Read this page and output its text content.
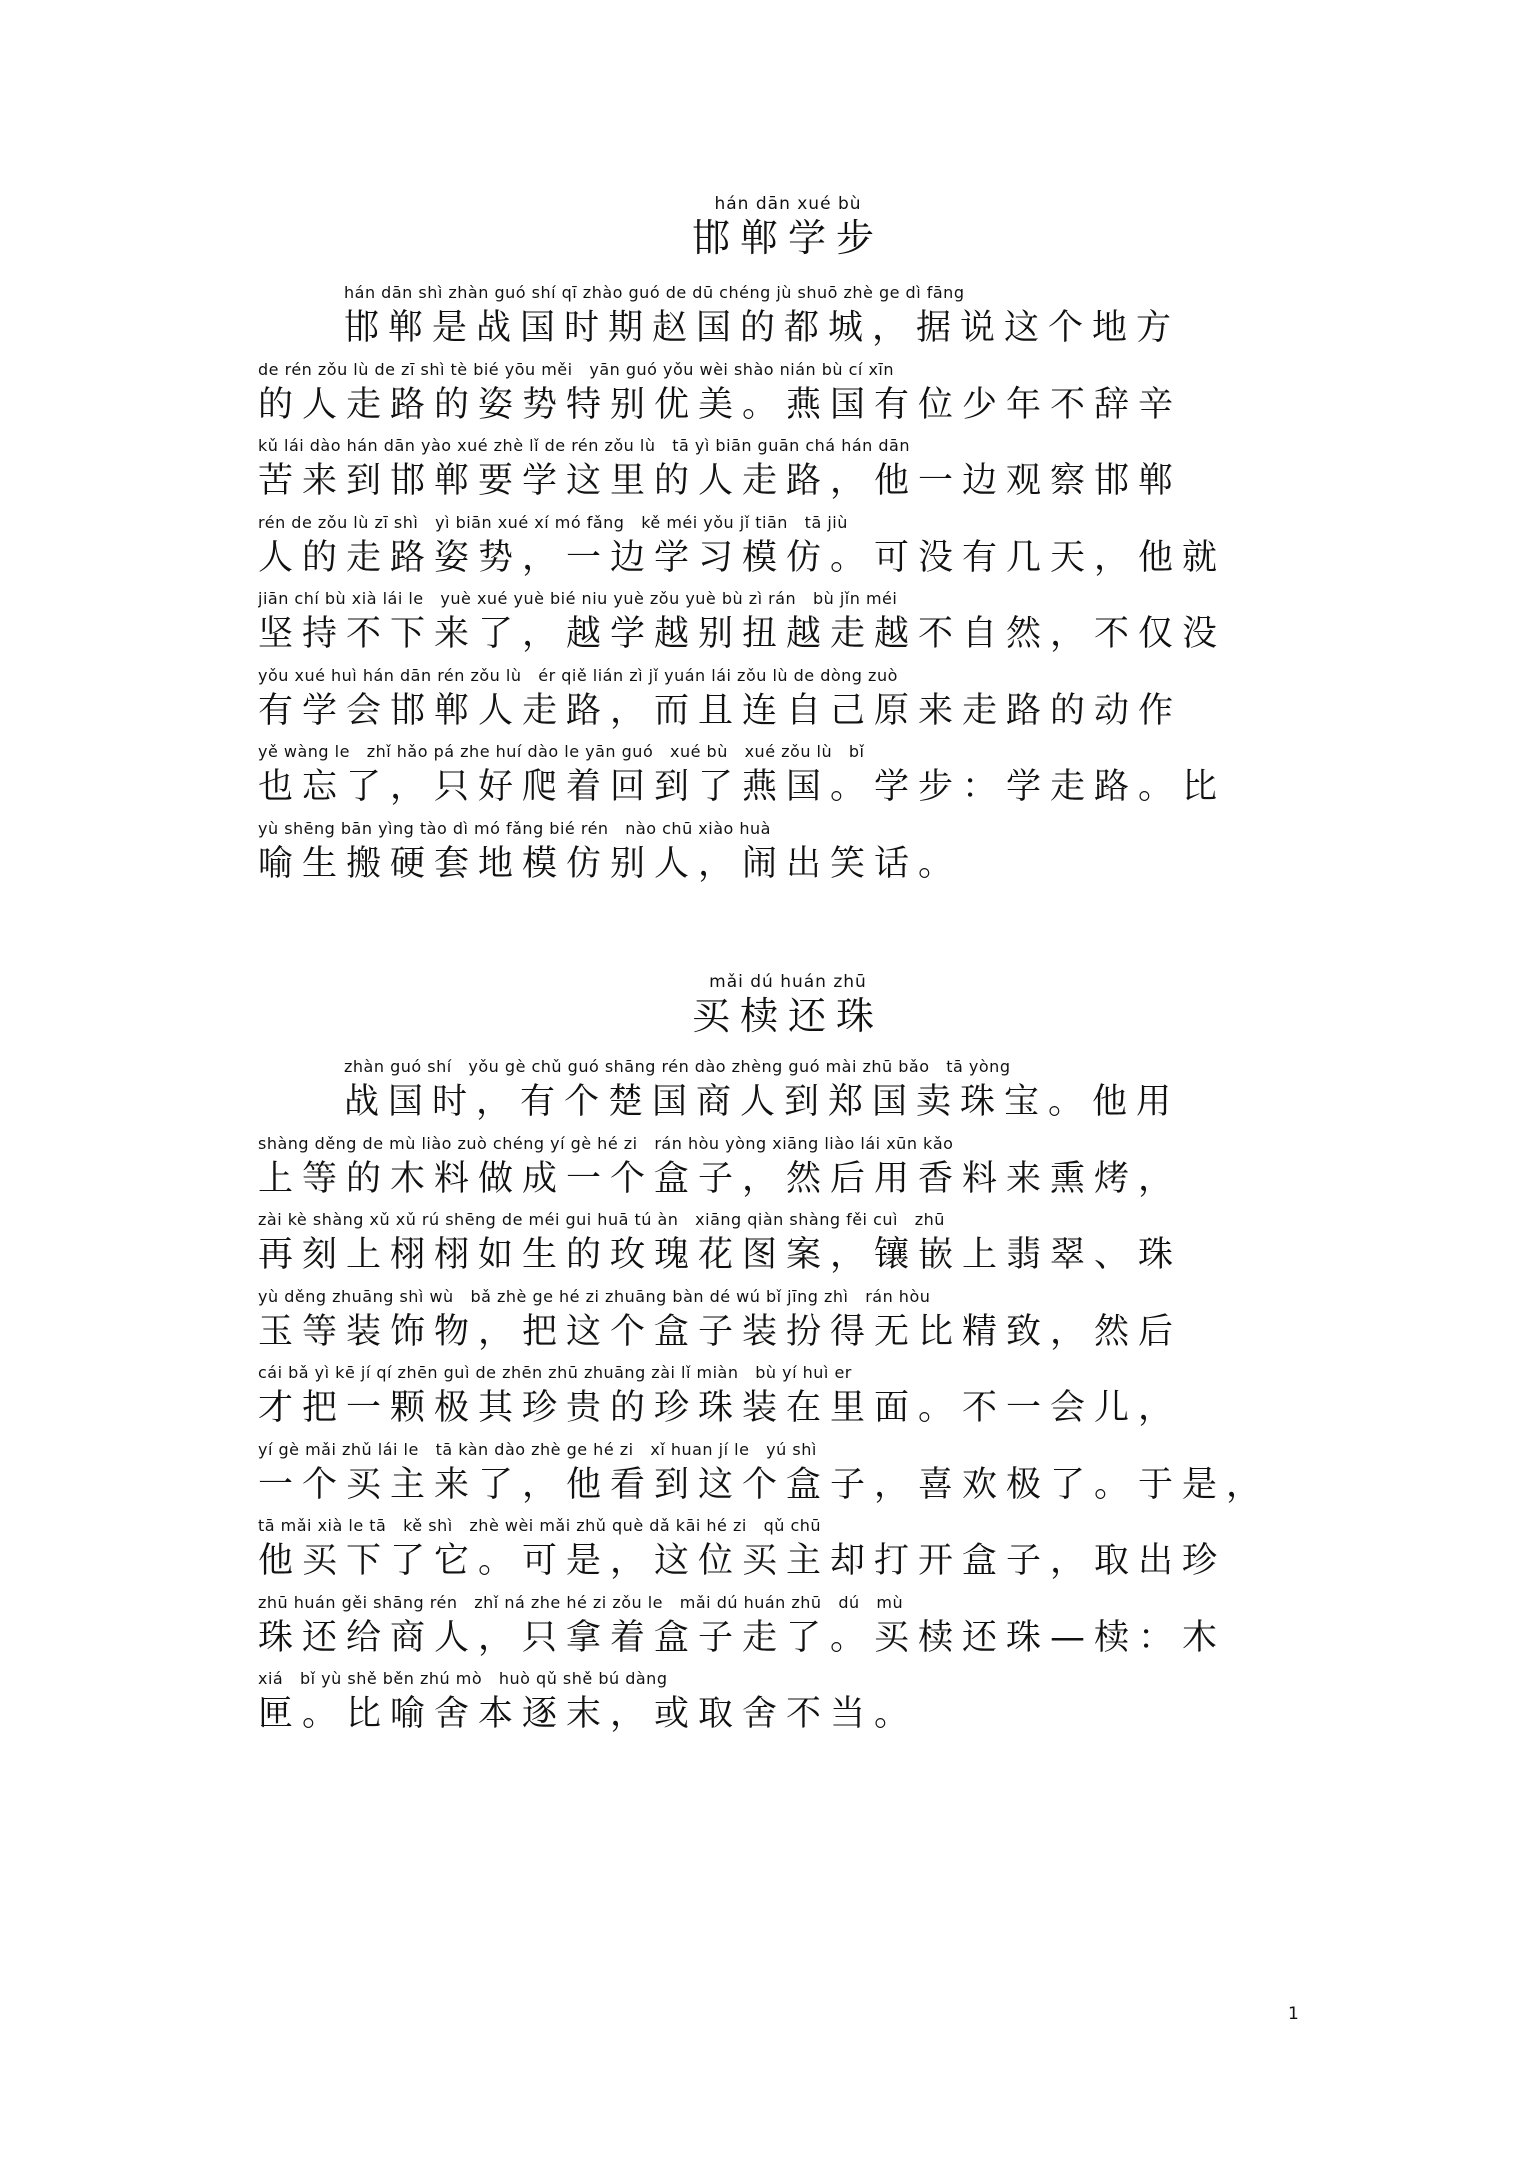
hán dān xué bù
邯郸学步
hán dān shì zhàn guó shí qī zhào guó de dū chéng jù shuō zhè ge dì fāng
邯郸是战国时期赵国的都城，据说这个地方
de rén zǒu lù de zī shì tè bié yōu měi   yān guó yǒu wèi shào nián bù cí xīn
的人走路的姿势特别优美。燕国有位少年不辞辛
kǔ lái dào hán dān yào xué zhè lǐ de rén zǒu lù   tā yì biān guān chá hán dān
苦来到邯郸要学这里的人走路，他一边观察邯郸
rén de zǒu lù zī shì   yì biān xué xí mó fǎng   kě méi yǒu jǐ tiān   tā jiù
人的走路姿势，一边学习模仿。可没有几天，他就
jiān chí bù xià lái le   yuè xué yuè bié niu yuè zǒu yuè bù zì rán   bù jǐn méi
坚持不下来了，越学越别扭越走越不自然，不仅没
yǒu xué huì hán dān rén zǒu lù   ér qiě lián zì jǐ yuán lái zǒu lù de dòng zuò
有学会邯郸人走路，而且连自己原来走路的动作
yě wàng le   zhǐ hǎo pá zhe huí dào le yān guó   xué bù   xué zǒu lù   bǐ
也忘了，只好爬着回到了燕国。学步：学走路。比
yù shēng bān yìng tào dì mó fǎng bié rén   nào chū xiào huà
喻生搬硬套地模仿别人，闹出笑话。
mǎi dú huán zhū
买椟还珠
zhàn guó shí   yǒu gè chǔ guó shāng rén dào zhèng guó mài zhū bǎo   tā yòng
战国时，有个楚国商人到郑国卖珠宝。他用
shàng děng de mù liào zuò chéng yí gè hé zi   rán hòu yòng xiāng liào lái xūn kǎo
上等的木料做成一个盒子，然后用香料来熏烤，
zài kè shàng xǔ xǔ rú shēng de méi gui huā tú àn   xiāng qiàn shàng fěi cuì   zhū
再刻上栩栩如生的玫瑰花图案，镶嵌上翡翠、珠
yù děng zhuāng shì wù   bǎ zhè ge hé zi zhuāng bàn dé wú bǐ jīng zhì   rán hòu
玉等装饰物，把这个盒子装扮得无比精致，然后
cái bǎ yì kē jí qí zhēn guì de zhēn zhū zhuāng zài lǐ miàn   bù yí huì er
才把一颗极其珍贵的珍珠装在里面。不一会儿，
yí gè mǎi zhǔ lái le   tā kàn dào zhè ge hé zi   xǐ huan jí le   yú shì
一个买主来了，他看到这个盒子，喜欢极了。于是，
tā mǎi xià le tā   kě shì   zhè wèi mǎi zhǔ què dǎ kāi hé zi   qǔ chū
他买下了它。可是，这位买主却打开盒子，取出珍
zhū huán gěi shāng rén   zhǐ ná zhe hé zi zǒu le   mǎi dú huán zhū   dú   mù
珠还给商人，只拿着盒子走了。买椟还珠—椟：木
xiá   bǐ yù shě běn zhú mò   huò qǔ shě bú dàng
匣。比喻舍本逐末，或取舍不当。
1
